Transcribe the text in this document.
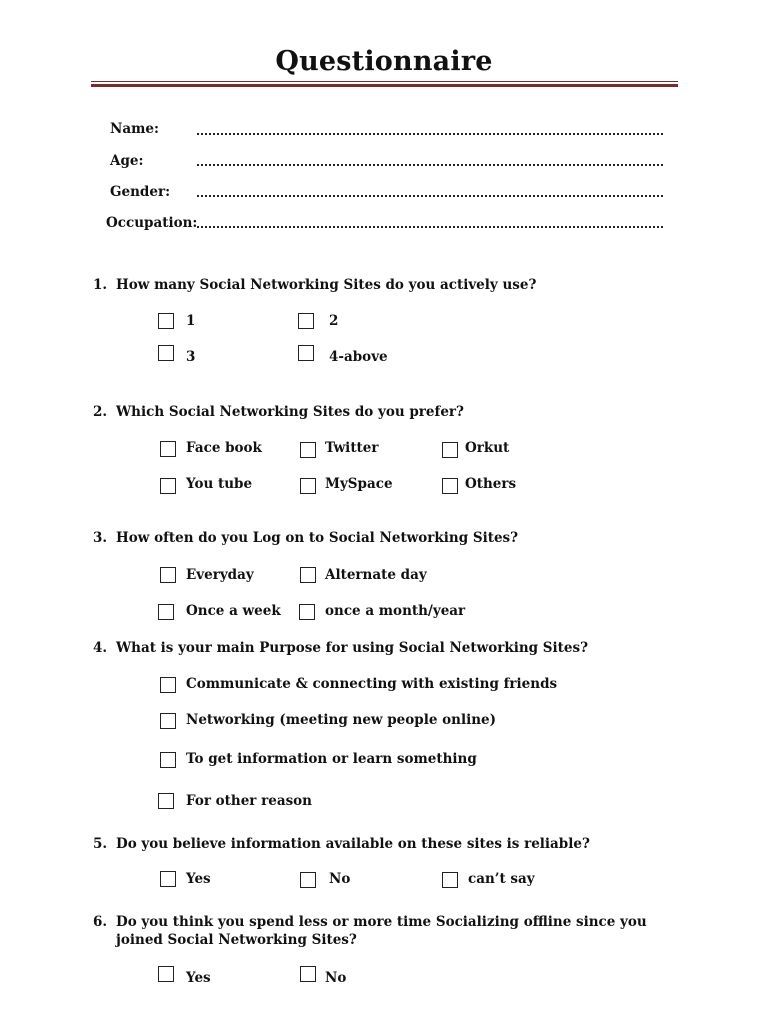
Questionnaire
Name:
Age:
Gender:
Occupation:
1. How many Social Networking Sites do you actively use?
1	2
3	4-above
2. Which Social Networking Sites do you prefer?
Face book	Twitter	Orkut
You tube	MySpace	Others
3. How often do you Log on to Social Networking Sites?
Everyday	Alternate day
Once a week	once a month/year
4. What is your main Purpose for using Social Networking Sites?
Communicate & connecting with existing friends
Networking (meeting new people online)
To get information or learn something
For other reason
5. Do you believe information available on these sites is reliable?
Yes	No	can’t say
6. Do you think you spend less or more time Socializing offline since you joined Social Networking Sites?
Yes	No
